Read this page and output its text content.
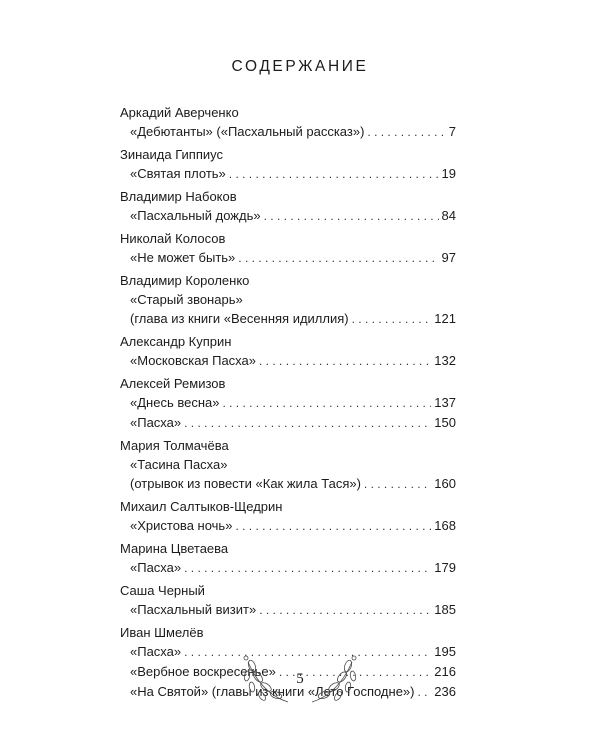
СОДЕРЖАНИЕ
Аркадий Аверченко
«Дебютанты» («Пасхальный рассказ») . . .	7
Зинаида Гиппиус
«Святая плоть» . . .	19
Владимир Набоков
«Пасхальный дождь» . . .	84
Николай Колосов
«Не может быть» . . .	97
Владимир Короленко
«Старый звонарь»
(глава из книги «Весенняя идиллия) . . .	121
Александр Куприн
«Московская Пасха» . . .	132
Алексей Ремизов
«Днесь весна» . . .	137
«Пасха» . . .	150
Мария Толмачёва
«Тасина Пасха»
(отрывок из повести «Как жила Тася») . . .	160
Михаил Салтыков-Щедрин
«Христова ночь» . . .	168
Марина Цветаева
«Пасха» . . .	179
Саша Черный
«Пасхальный визит» . . .	185
Иван Шмелёв
«Пасха» . . .	195
«Вербное воскресенье» . . .	216
«На Святой» (главы из книги «Лето Господне») . . . 236
5
